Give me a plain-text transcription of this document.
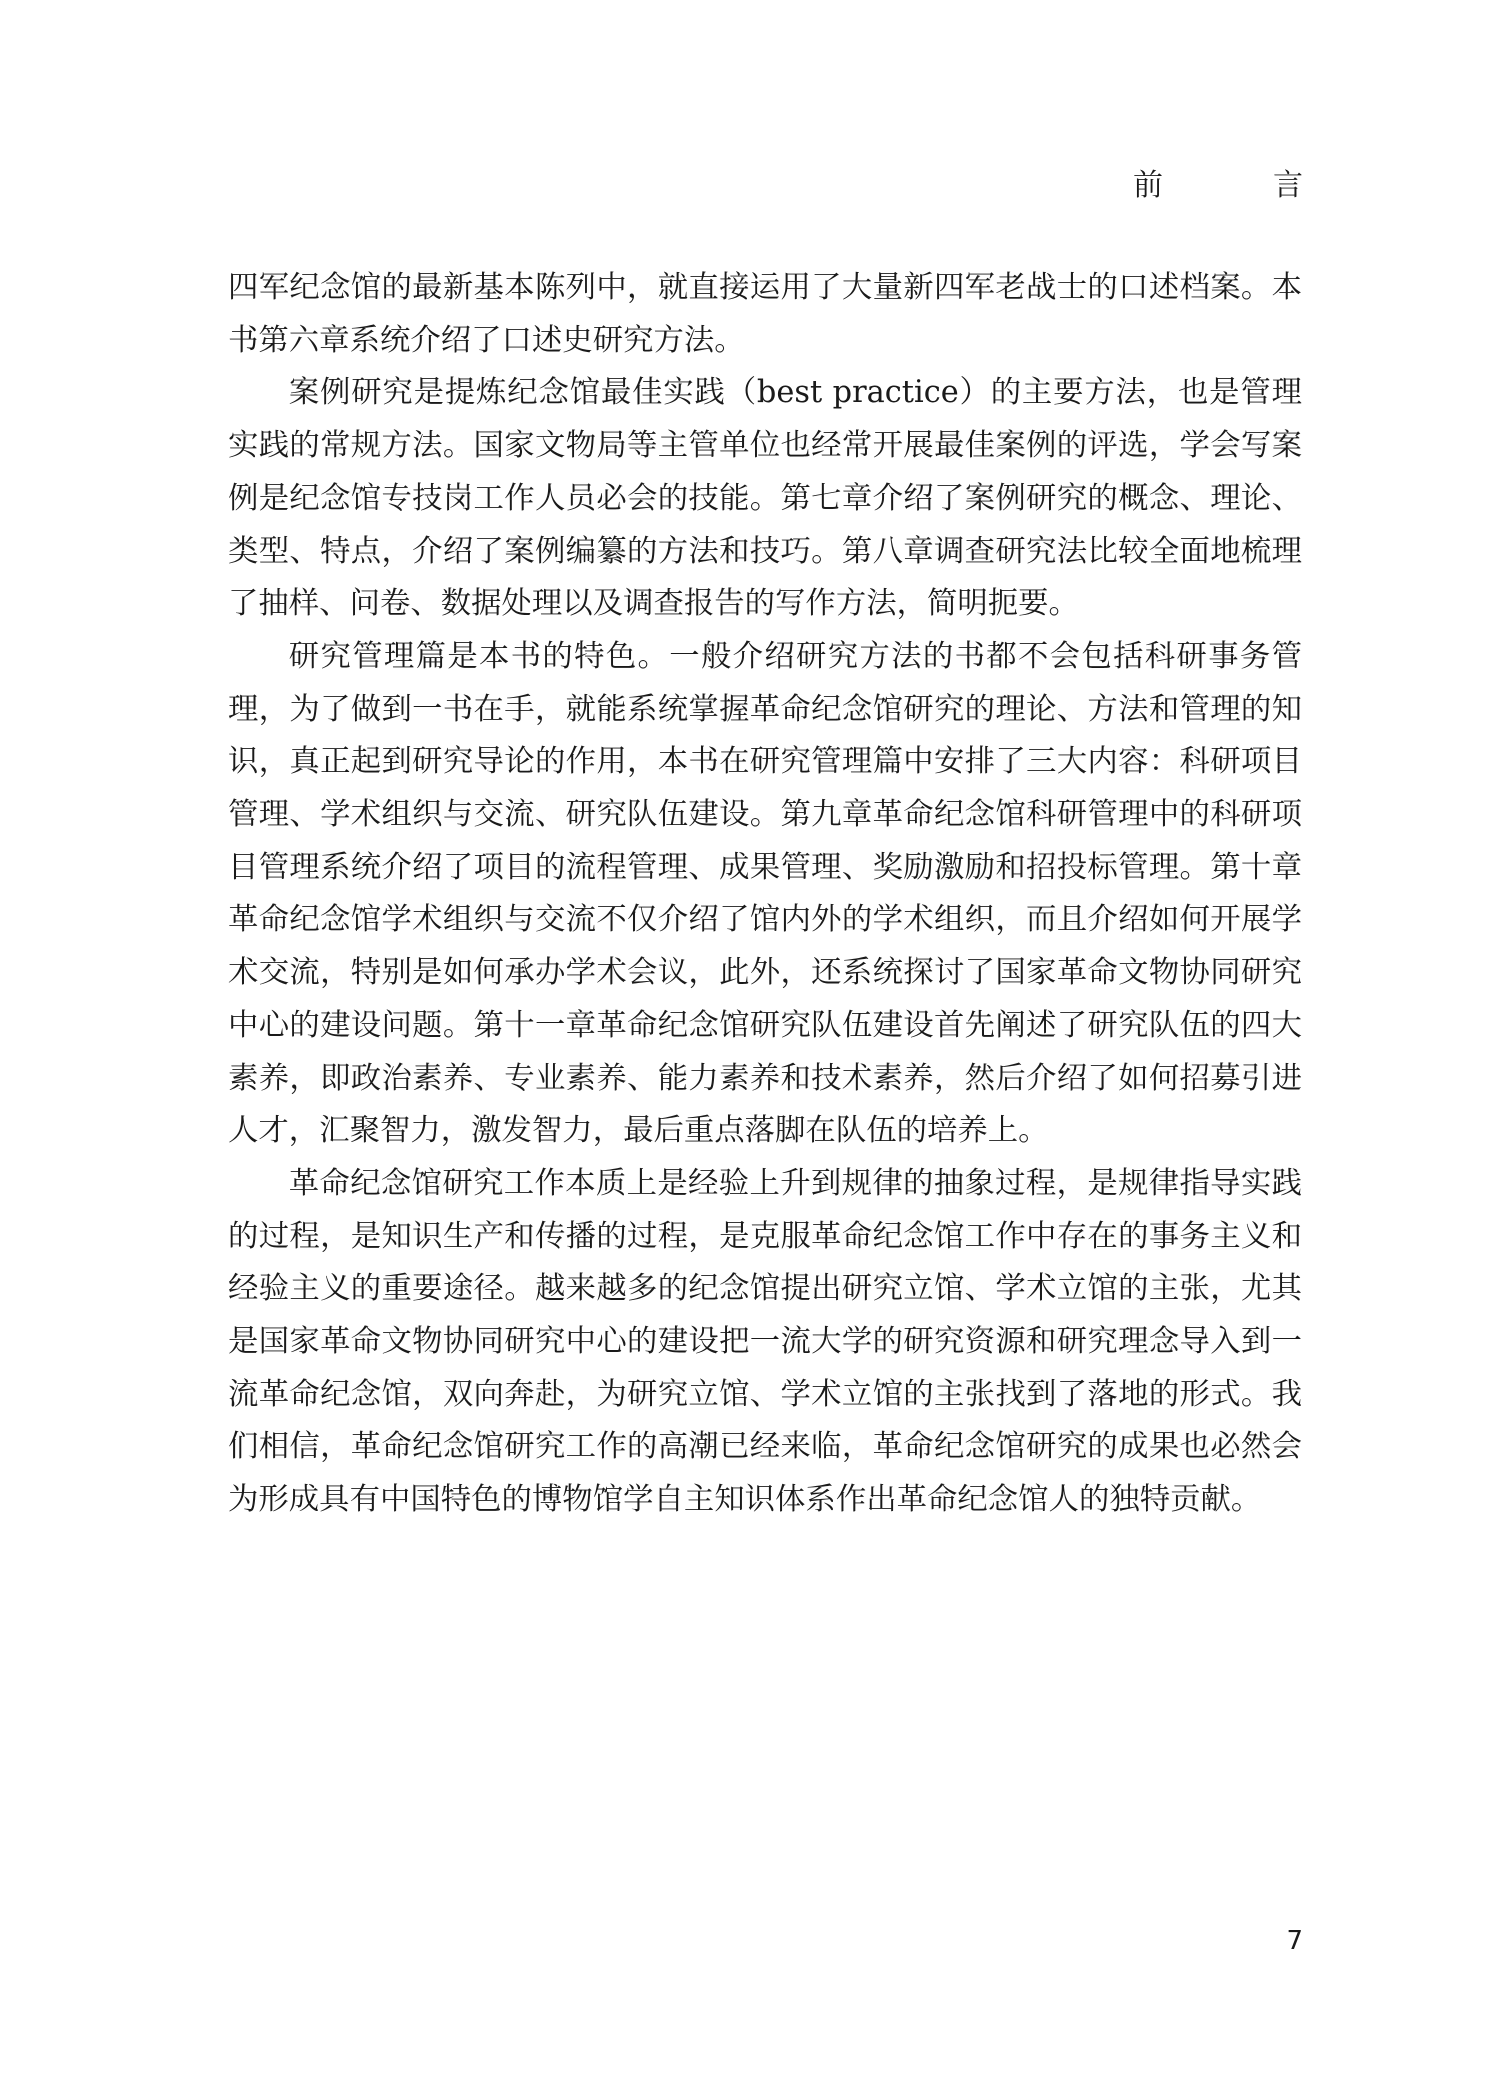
前　言

四军纪念馆的最新基本陈列中，就直接运用了大量新四军老战士的口述档案。本书第六章系统介绍了口述史研究方法。

案例研究是提炼纪念馆最佳实践（best practice）的主要方法，也是管理实践的常规方法。国家文物局等主管单位也经常开展最佳案例的评选，学会写案例是纪念馆专技岗工作人员必会的技能。第七章介绍了案例研究的概念、理论、类型、特点，介绍了案例编纂的方法和技巧。第八章调查研究法比较全面地梳理了抽样、问卷、数据处理以及调查报告的写作方法，简明扼要。

研究管理篇是本书的特色。一般介绍研究方法的书都不会包括科研事务管理，为了做到一书在手，就能系统掌握革命纪念馆研究的理论、方法和管理的知识，真正起到研究导论的作用，本书在研究管理篇中安排了三大内容：科研项目管理、学术组织与交流、研究队伍建设。第九章革命纪念馆科研管理中的科研项目管理系统介绍了项目的流程管理、成果管理、奖励激励和招投标管理。第十章革命纪念馆学术组织与交流不仅介绍了馆内外的学术组织，而且介绍如何开展学术交流，特别是如何承办学术会议，此外，还系统探讨了国家革命文物协同研究中心的建设问题。第十一章革命纪念馆研究队伍建设首先阐述了研究队伍的四大素养，即政治素养、专业素养、能力素养和技术素养，然后介绍了如何招募引进人才，汇聚智力，激发智力，最后重点落脚在队伍的培养上。

革命纪念馆研究工作本质上是经验上升到规律的抽象过程，是规律指导实践的过程，是知识生产和传播的过程，是克服革命纪念馆工作中存在的事务主义和经验主义的重要途径。越来越多的纪念馆提出研究立馆、学术立馆的主张，尤其是国家革命文物协同研究中心的建设把一流大学的研究资源和研究理念导入到一流革命纪念馆，双向奔赴，为研究立馆、学术立馆的主张找到了落地的形式。我们相信，革命纪念馆研究工作的高潮已经来临，革命纪念馆研究的成果也必然会为形成具有中国特色的博物馆学自主知识体系作出革命纪念馆人的独特贡献。

7
